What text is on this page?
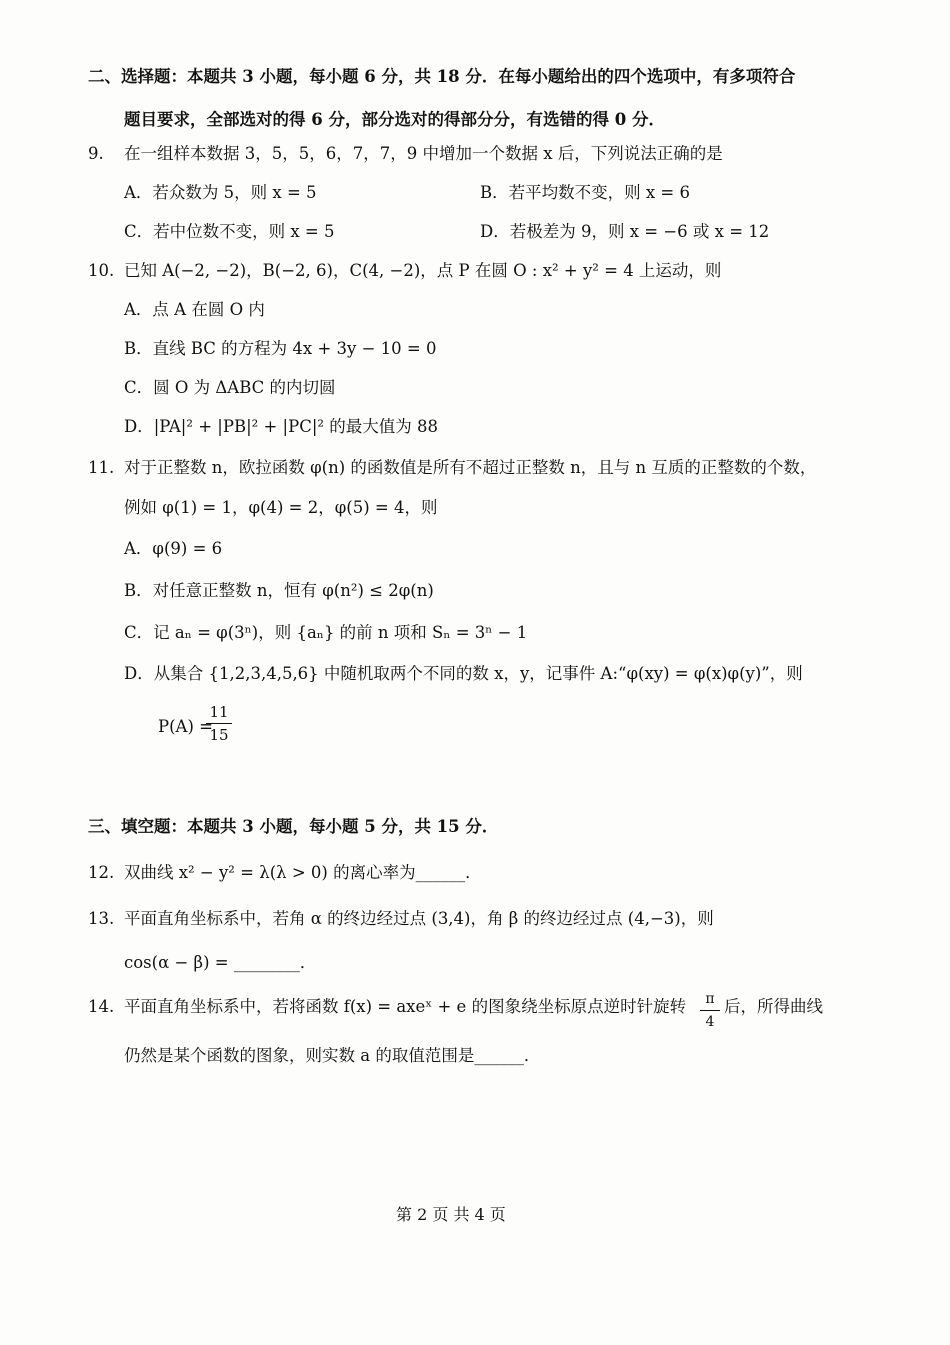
二、选择题：本题共 3 小题，每小题 6 分，共 18 分．在每小题给出的四个选项中，有多项符合
题目要求，全部选对的得 6 分，部分选对的得部分分，有选错的得 0 分．
9. 在一组样本数据 3，5，5，6，7，7，9 中增加一个数据 x 后，下列说法正确的是
A．若众数为 5，则 x = 5	B．若平均数不变，则 x = 6
C．若中位数不变，则 x = 5	D．若极差为 9，则 x = −6 或 x = 12
10. 已知 A(−2, −2)，B(−2, 6)，C(4, −2)，点 P 在圆 O : x² + y² = 4 上运动，则
A．点 A 在圆 O 内
B．直线 BC 的方程为 4x + 3y − 10 = 0
C．圆 O 为 ΔABC 的内切圆
D．|PA|² + |PB|² + |PC|² 的最大值为 88
11. 对于正整数 n，欧拉函数 φ(n) 的函数值是所有不超过正整数 n，且与 n 互质的正整数的个数，
例如 φ(1) = 1，φ(4) = 2，φ(5) = 4，则
A．φ(9) = 6
B．对任意正整数 n，恒有 φ(n²) ≤ 2φ(n)
C．记 aₙ = φ(3ⁿ)，则 {aₙ} 的前 n 项和 Sₙ = 3ⁿ − 1
D．从集合 {1,2,3,4,5,6} 中随机取两个不同的数 x，y，记事件 A:“φ(xy) = φ(x)φ(y)”，则
P(A) =
11
15
三、填空题：本题共 3 小题，每小题 5 分，共 15 分．
12. 双曲线 x² − y² = λ(λ > 0) 的离心率为______．
13. 平面直角坐标系中，若角 α 的终边经过点 (3,4)，角 β 的终边经过点 (4,−3)，则
cos(α − β) = ________．
14. 平面直角坐标系中，若将函数 f(x) = axeˣ + e 的图象绕坐标原点逆时针旋转	π
4
后，所得曲线
仍然是某个函数的图象，则实数 a 的取值范围是______．
第 2 页 共 4 页
